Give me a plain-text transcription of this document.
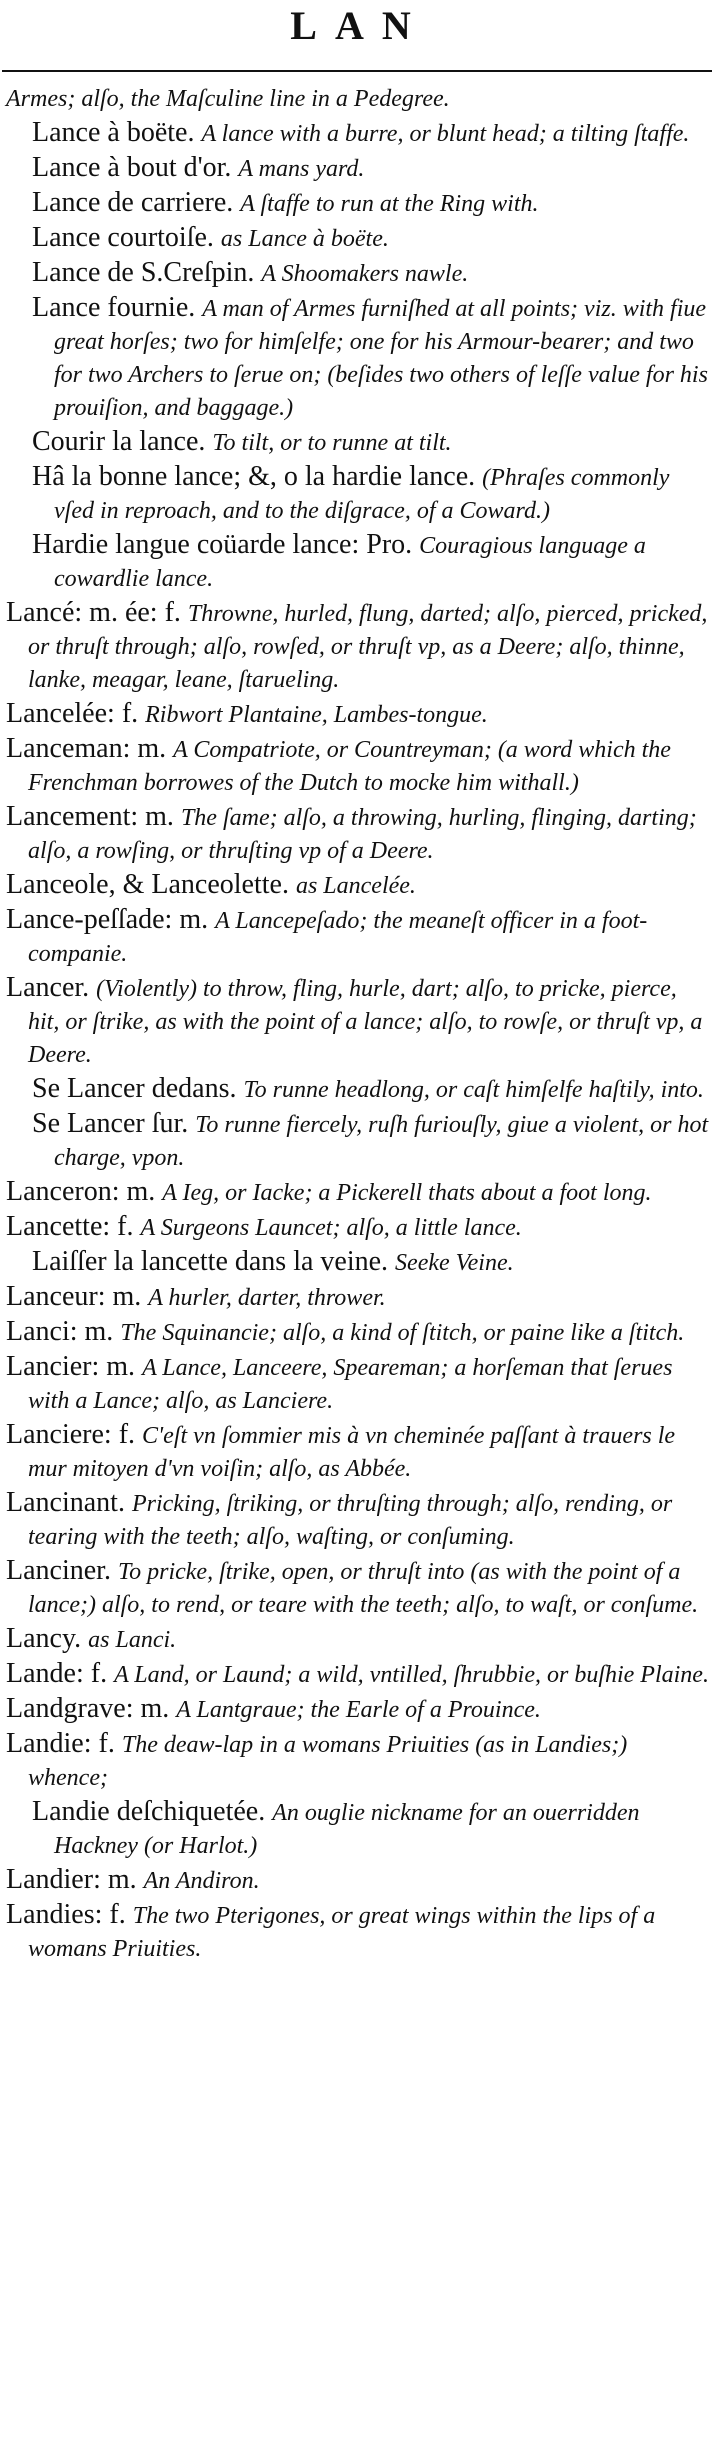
LAN
Armes; alſo, the Maſculine line in a Pedegree.
Lance à boëte. A lance with a burre, or blunt head; a tilting ſtaffe.
Lance à bout d'or. A mans yard.
Lance de carriere. A ſtaffe to run at the Ring with.
Lance courtoiſe. as Lance à boëte.
Lance de S.Creſpin. A Shoomakers nawle.
Lance fournie. A man of Armes furniſhed at all points; viz. with fiue great horſes; two for himſelfe; one for his Armour-bearer; and two for two Archers to ſerue on; (beſides two others of leſſe value for his prouiſion, and baggage.)
Courir la lance. To tilt, or to runne at tilt.
Hâ la bonne lance; &, o la hardie lance. (Phraſes commonly vſed in reproach, and to the diſgrace, of a Coward.)
Hardie langue coüarde lance: Pro. Couragious language a cowardlie lance.
Lancé: m. ée: f. Throwne, hurled, flung, darted; alſo, pierced, pricked, or thruſt through; alſo, rowſed, or thruſt vp, as a Deere; alſo, thinne, lanke, meagar, leane, ſtarueling.
Lancelée: f. Ribwort Plantaine, Lambes-tongue.
Lanceman: m. A Compatriote, or Countreyman; (a word which the Frenchman borrowes of the Dutch to mocke him withall.)
Lancement: m. The ſame; alſo, a throwing, hurling, flinging, darting; alſo, a rowſing, or thruſting vp of a Deere.
Lanceole, & Lanceolette. as Lancelée.
Lance-peſſade: m. A Lancepeſado; the meaneſt officer in a foot-companie.
Lancer. (Violently) to throw, fling, hurle, dart; alſo, to pricke, pierce, hit, or ſtrike, as with the point of a lance; alſo, to rowſe, or thruſt vp, a Deere.
Se Lancer dedans. To runne headlong, or caſt himſelfe haſtily, into.
Se Lancer ſur. To runne fiercely, ruſh furiouſly, giue a violent, or hot charge, vpon.
Lanceron: m. A Ieg, or Iacke; a Pickerell thats about a foot long.
Lancette: f. A Surgeons Launcet; alſo, a little lance.
Laiſſer la lancette dans la veine. Seeke Veine.
Lanceur: m. A hurler, darter, thrower.
Lanci: m. The Squinancie; alſo, a kind of ſtitch, or paine like a ſtitch.
Lancier: m. A Lance, Lanceere, Speareman; a horſeman that ſerues with a Lance; alſo, as Lanciere.
Lanciere: f. C'eſt vn ſommier mis à vn cheminée paſſant à trauers le mur mitoyen d'vn voiſin; alſo, as Abbée.
Lancinant. Pricking, ſtriking, or thruſting through; alſo, rending, or tearing with the teeth; alſo, waſting, or conſuming.
Lanciner. To pricke, ſtrike, open, or thruſt into (as with the point of a lance;) alſo, to rend, or teare with the teeth; alſo, to waſt, or conſume.
Lancy. as Lanci.
Lande: f. A Land, or Laund; a wild, vntilled, ſhrubbie, or buſhie Plaine.
Landgrave: m. A Lantgraue; the Earle of a Prouince.
Landie: f. The deaw-lap in a womans Priuities (as in Landies;) whence;
Landie deſchiquetée. An ouglie nickname for an ouerridden Hackney (or Harlot.)
Landier: m. An Andiron.
Landies: f. The two Pterigones, or great wings within the lips of a womans Priuities.
